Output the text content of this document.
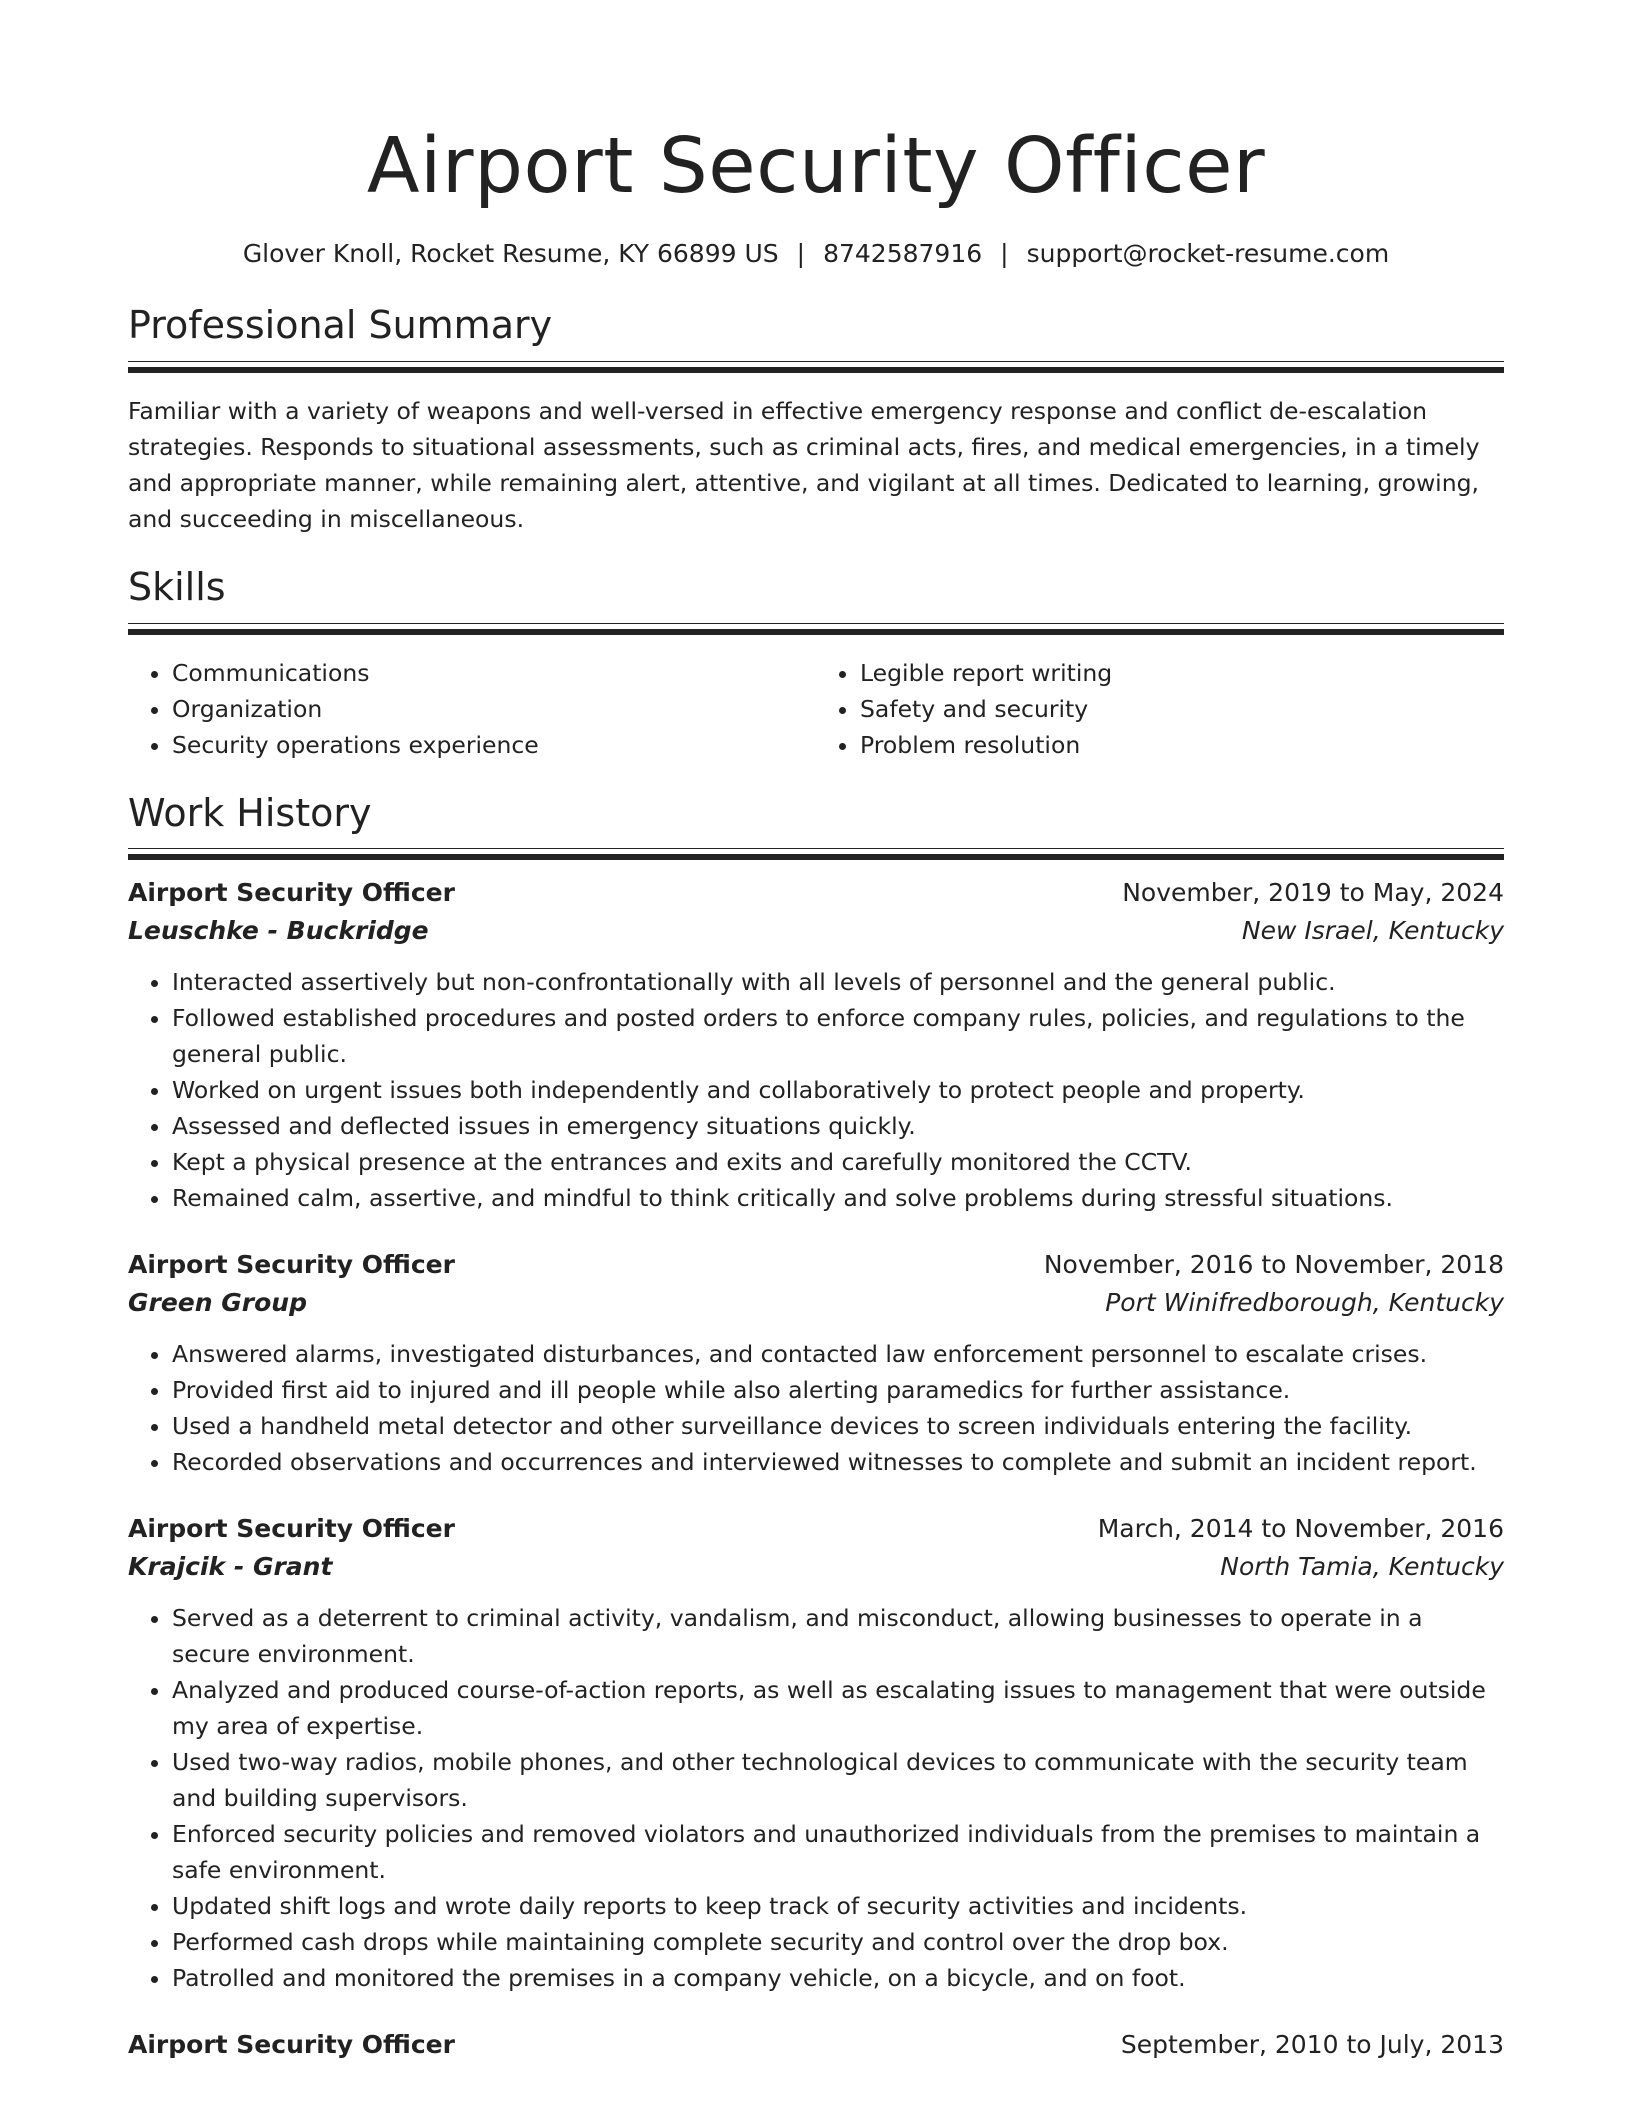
Airport Security Officer
Glover Knoll, Rocket Resume, KY 66899 US | 8742587916 | support@rocket-resume.com
Professional Summary

Familiar with a variety of weapons and well-versed in effective emergency response and conflict de-escalation strategies. Responds to situational assessments, such as criminal acts, fires, and medical emergencies, in a timely and appropriate manner, while remaining alert, attentive, and vigilant at all times. Dedicated to learning, growing, and succeeding in miscellaneous.

Skills
• Communications
• Organization
• Security operations experience
• Legible report writing
• Safety and security
• Problem resolution
Work History
Airport Security Officer	November, 2019 to May, 2024
Leuschke - Buckridge	New Israel, Kentucky
• Interacted assertively but non-confrontationally with all levels of personnel and the general public.
• Followed established procedures and posted orders to enforce company rules, policies, and regulations to the general public.
• Worked on urgent issues both independently and collaboratively to protect people and property.
• Assessed and deflected issues in emergency situations quickly.
• Kept a physical presence at the entrances and exits and carefully monitored the CCTV.
• Remained calm, assertive, and mindful to think critically and solve problems during stressful situations.
Airport Security Officer	November, 2016 to November, 2018
Green Group	Port Winifredborough, Kentucky
• Answered alarms, investigated disturbances, and contacted law enforcement personnel to escalate crises.
• Provided first aid to injured and ill people while also alerting paramedics for further assistance.
• Used a handheld metal detector and other surveillance devices to screen individuals entering the facility.
• Recorded observations and occurrences and interviewed witnesses to complete and submit an incident report.
Airport Security Officer	March, 2014 to November, 2016
Krajcik - Grant	North Tamia, Kentucky
• Served as a deterrent to criminal activity, vandalism, and misconduct, allowing businesses to operate in a secure environment.
• Analyzed and produced course-of-action reports, as well as escalating issues to management that were outside my area of expertise.
• Used two-way radios, mobile phones, and other technological devices to communicate with the security team and building supervisors.
• Enforced security policies and removed violators and unauthorized individuals from the premises to maintain a safe environment.
• Updated shift logs and wrote daily reports to keep track of security activities and incidents.
• Performed cash drops while maintaining complete security and control over the drop box.
• Patrolled and monitored the premises in a company vehicle, on a bicycle, and on foot.
Airport Security Officer	September, 2010 to July, 2013
